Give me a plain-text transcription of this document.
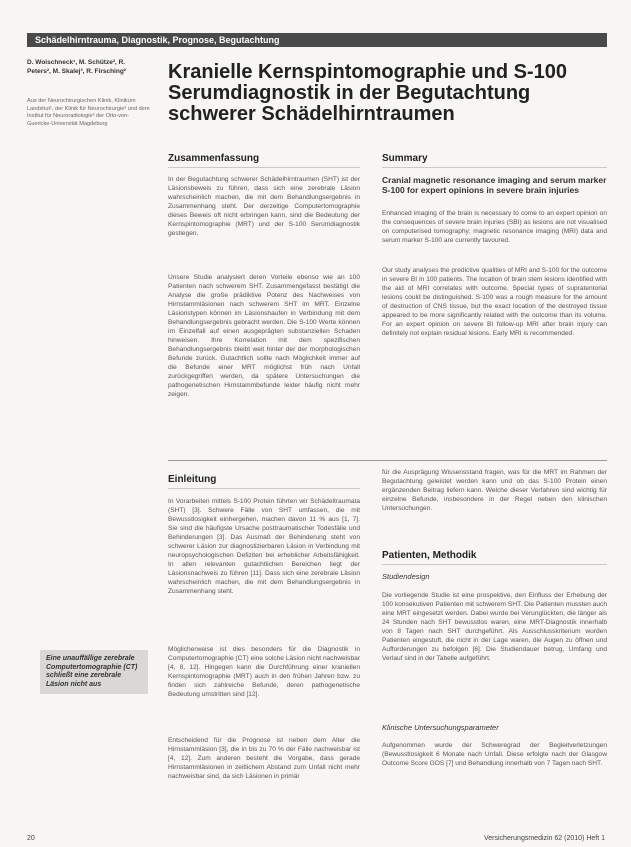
Schädelhirntrauma, Diagnostik, Prognose, Begutachtung
D. Woischneck¹, M. Schütze², R. Peters², M. Skalej³, R. Firsching²
Aus der Neurochirurgischen Klinik, Klinikum Landshut¹, der Klinik für Neurochirurgie² und dem Institut für Neuroradiologie³ der Otto-von-Guericke-Universität Magdeburg
Kranielle Kernspintomographie und S-100 Serumdiagnostik in der Begutachtung schwerer Schädelhirntraumen
Zusammenfassung	Summary

In der Begutachtung schwerer Schädelhirntraumen (SHT) ist der Läsionsbeweis zu führen, dass sich eine zerebrale Läsion wahrscheinlich machen, die mit dem Behandlungsergebnis in Zusammenhang steht. Der derzeitige Computertomographie dieses Beweis oft nicht erbringen kann, sind die Bedeutung der Kernspintomographie (MRT) und der S-100 Serumdiagnostik gestiegen.

Unsere Studie analysiert deren Vorteile ebenso wie an 100 Patienten nach schwerem SHT. Zusammengefasst bestätigt die Analyse die große prädiktive Potenz des Nachweises von Hirnstammläsionen nach schwerem SHT im MRT. Einzelne Läsionstypen können im Läsionshaufen in Verbindung mit dem Behandlungsergebnis gebracht werden. Die S-100 Werte können im Einzelfall auf einen ausgeprägten substanziellen Schaden hinweisen. Ihre Korrelation mit dem spezifischen Behandlungsergebnis bleibt weit hinter der der morphologischen Befunde zurück. Gutachtlich sollte nach Möglichkeit immer auf die Befunde einer MRT möglichst früh nach Unfall zurückgegriffen werden, da spätere Untersuchungen die pathogenetischen Hirnstammbefunde leider häufig nicht mehr zeigen.

Cranial magnetic resonance imaging and serum marker S-100 for expert opinions in severe brain injuries

Enhanced imaging of the brain is necessary to come to an expert opinion on the consequences of severe brain injuries (SBI) as lesions are not visualised on computerised tomography; magnetic resonance imaging (MRI) data and serum marker S-100 are currently favoured.

Our study analyses the predictive qualities of MRI and S-100 for the outcome in severe BI in 100 patients. The location of brain stem lesions identified with the aid of MRI correlates with outcome. Special types of supratentorial lesions could be distinguished. S-100 was a rough measure for the amount of destruction of CNS tissue, but the exact location of the destroyed tissue appeared to be more significantly related with the outcome than its volume. For an expert opinion on severe BI follow-up MRI after brain injury can definitely not explain residual lesions. Early MRI is recommended.

Einleitung

In Vorarbeiten mittels S-100 Protein führten wir Schädeltraumata (SHT) [3]. Schwere Fälle von SHT umfassen, die mit Bewusstlosigkeit einhergehen, machen davon 11 % aus [1, 7]. Sie sind die häufigste Ursache posttraumatischer Todesfälle und Behinderungen [3]. Das Ausmaß der Behinderung steht von schwerer Läsion zur diagnostizierbaren Läsion in Verbindung mit neuropsychologischen Defiziten bei erheblicher Arbeitsfähigkeit. In allen relevanten gutachtlichen Bereichen liegt der Läsionsnachweis zu führen [11]. Dass sich eine zerebrale Läsion wahrscheinlich machen, die mit dem Behandlungsergebnis in Zusammenhang steht.

Möglicherweise ist dies besonders für die Diagnostik in Computertomographie (CT) eine solche Läsion nicht nachweisbar [4, 8, 12]. Hingegen kann die Durchführung einer kraniellen Kernspintomographie (MRT) auch in den frühen Jahren bzw. zu finden sich zahlreiche Befunde, deren pathogenetische Bedeutung umstritten sind [12].

Entscheidend für die Prognose ist neben dem Alter die Hirnstammläsion [3], die in bis zu 70 % der Fälle nachweisbar ist [4, 12]. Zum anderen besteht die Vorgabe, dass gerade Hirnstammläsionen in zeitlichem Abstand zum Unfall nicht mehr nachweisbar sind, da sich Läsionen in primär

Eine unauffällige zerebrale Computertomographie (CT) schließt eine zerebrale Läsion nicht aus

für die Ausprägung Wissensstand fragen, was für die MRT im Rahmen der Begutachtung geleistet werden kann und ob das S-100 Protein einen ergänzenden Beitrag liefern kann. Welche dieser Verfahren sind wichtig für einzelne Befunde, insbesondere in der Regel neben den klinischen Untersuchungen.

Patienten, Methodik
Studiendesign

Die vorliegende Studie ist eine prospektive, den Einfluss der Erhebung der 100 konsekutiven Patienten mit schwerem SHT. Die Patienten mussten auch eine MRT eingesetzt werden. Dabei wurde bei Verunglückten, die länger als 24 Stunden nach SHT bewusstlos waren, eine MRT-Diagnostik innerhalb von 8 Tagen nach SHT durchgeführt. Als Ausschlusskriterium wurden Patienten eingestuft, die nicht in der Lage waren, die Augen zu öffnen und Aufforderungen zu befolgen [6]. Die Studiendauer betrug, Umfang und Verlauf sind in der Tabelle aufgeführt.

Klinische Untersuchungsparameter

Aufgenommen wurde der Schweregrad der Begleitverletzungen (Bewusstlosigkeit 6 Monate nach Unfall. Diese erfolgte nach der Glasgow Outcome Score GOS [7] und Behandlung innerhalb von 7 Tagen nach SHT.

20	Versicherungsmedizin 62 (2010) Heft 1
